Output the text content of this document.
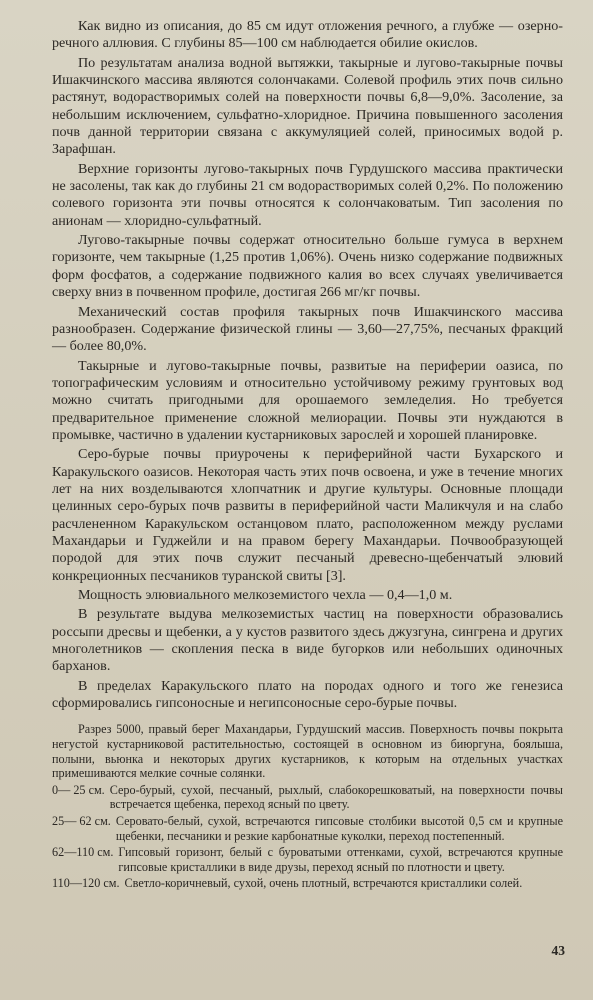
Как видно из описания, до 85 см идут отложения речного, а глубже — озерно-речного аллювия. С глубины 85—100 см наблюдается обилие окислов.

По результатам анализа водной вытяжки, такырные и лугово-такырные почвы Ишакчинского массива являются солончаками. Солевой профиль этих почв сильно растянут, водорастворимых солей на поверхности почвы 6,8—9,0%. Засоление, за небольшим исключением, сульфатно-хлоридное. Причина повышенного засоления почв данной территории связана с аккумуляцией солей, приносимых водой р. Зарафшан.

Верхние горизонты лугово-такырных почв Гурдушского массива практически не засолены, так как до глубины 21 см водорастворимых солей 0,2%. По положению солевого горизонта эти почвы относятся к солончаковатым. Тип засоления по анионам — хлоридно-сульфатный.

Лугово-такырные почвы содержат относительно больше гумуса в верхнем горизонте, чем такырные (1,25 против 1,06%). Очень низко содержание подвижных форм фосфатов, а содержание подвижного калия во всех случаях увеличивается сверху вниз в почвенном профиле, достигая 266 мг/кг почвы.

Механический состав профиля такырных почв Ишакчинского массива разнообразен. Содержание физической глины — 3,60—27,75%, песчаных фракций — более 80,0%.

Такырные и лугово-такырные почвы, развитые на периферии оазиса, по топографическим условиям и относительно устойчивому режиму грунтовых вод можно считать пригодными для орошаемого земледелия. Но требуется предварительное применение сложной мелиорации. Почвы эти нуждаются в промывке, частично в удалении кустарниковых зарослей и хорошей планировке.

Серо-бурые почвы приурочены к периферийной части Бухарского и Каракульского оазисов. Некоторая часть этих почв освоена, и уже в течение многих лет на них возделываются хлопчатник и другие культуры. Основные площади целинных серо-бурых почв развиты в периферийной части Маликчуля и на слабо расчлененном Каракульском останцовом плато, расположенном между руслами Махандарьи и Гуджейли и на правом берегу Махандарьи. Почвообразующей породой для этих почв служит песчаный древесно-щебенчатый элювий конкреционных песчаников туранской свиты [3].

Мощность элювиального мелкоземистого чехла — 0,4—1,0 м.

В результате выдува мелкоземистых частиц на поверхности образовались россыпи дресвы и щебенки, а у кустов развитого здесь джузгуна, сингрена и других многолетников — скопления песка в виде бугорков или небольших одиночных барханов.

В пределах Каракульского плато на породах одного и того же генезиса сформировались гипсоносные и негипсоносные серо-бурые почвы.

Разрез 5000, правый берег Махандарьи, Гурдушский массив. Поверхность почвы покрыта негустой кустарниковой растительностью, состоящей в основном из биюргуна, боялыша, полыни, вьюнка и некоторых других кустарников, к которым на отдельных участках примешиваются мелкие сочные солянки.

0— 25 см. Серо-бурый, сухой, песчаный, рыхлый, слабокорешковатый, на поверхности почвы встречается щебенка, переход ясный по цвету.
25— 62 см. Серовато-белый, сухой, встречаются гипсовые столбики высотой 0,5 см и крупные щебенки, песчаники и резкие карбонатные куколки, переход постепенный.
62—110 см. Гипсовый горизонт, белый с буроватыми оттенками, сухой, встречаются крупные гипсовые кристаллики в виде друзы, переход ясный по плотности и цвету.
110—120 см. Светло-коричневый, сухой, очень плотный, встречаются кристаллики солей.
43
